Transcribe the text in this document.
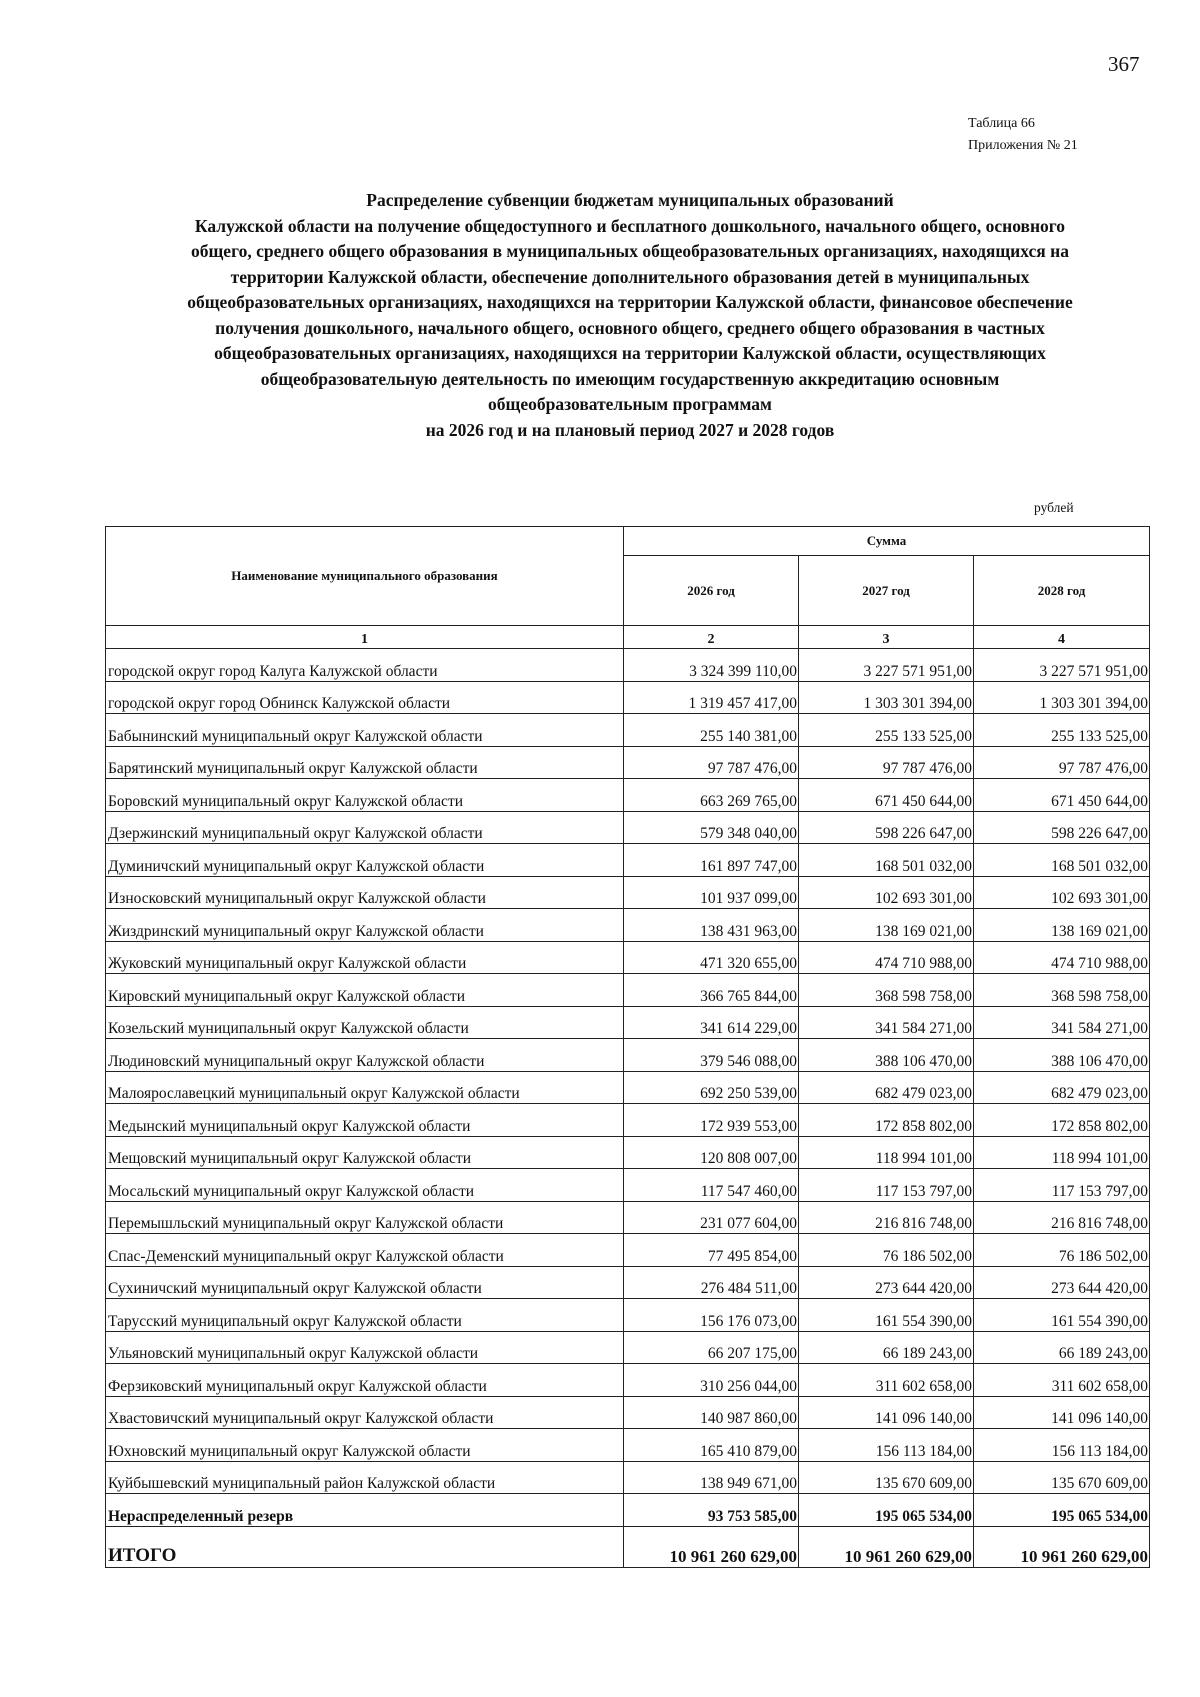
367
Таблица 66
Приложения № 21
Распределение субвенции бюджетам муниципальных образований
Калужской области на получение общедоступного и бесплатного дошкольного, начального общего, основного
общего, среднего общего образования в муниципальных общеобразовательных организациях, находящихся на
территории Калужской области, обеспечение дополнительного образования детей в муниципальных
общеобразовательных организациях, находящихся на территории Калужской области, финансовое обеспечение
получения дошкольного, начального общего, основного общего, среднего общего образования в частных
общеобразовательных организациях, находящихся на территории Калужской области, осуществляющих
общеобразовательную деятельность по имеющим государственную аккредитацию основным
общеобразовательным программам
на 2026 год и на плановый период 2027 и 2028 годов
рублей
Наименование муниципального образования	Сумма		
	2026 год	2027 год	2028 год
1	2	3	4
городской округ город Калуга Калужской области	3 324 399 110,00	3 227 571 951,00	3 227 571 951,00
городской округ город Обнинск Калужской области	1 319 457 417,00	1 303 301 394,00	1 303 301 394,00
Бабынинский муниципальный округ Калужской области	255 140 381,00	255 133 525,00	255 133 525,00
Барятинский муниципальный округ Калужской области	97 787 476,00	97 787 476,00	97 787 476,00
Боровский муниципальный округ Калужской области	663 269 765,00	671 450 644,00	671 450 644,00
Дзержинский муниципальный округ Калужской области	579 348 040,00	598 226 647,00	598 226 647,00
Думиничский муниципальный округ Калужской области	161 897 747,00	168 501 032,00	168 501 032,00
Износковский муниципальный округ Калужской области	101 937 099,00	102 693 301,00	102 693 301,00
Жиздринский муниципальный округ Калужской области	138 431 963,00	138 169 021,00	138 169 021,00
Жуковский муниципальный округ Калужской области	471 320 655,00	474 710 988,00	474 710 988,00
Кировский муниципальный округ Калужской области	366 765 844,00	368 598 758,00	368 598 758,00
Козельский муниципальный округ Калужской области	341 614 229,00	341 584 271,00	341 584 271,00
Людиновский муниципальный округ Калужской области	379 546 088,00	388 106 470,00	388 106 470,00
Малоярославецкий муниципальный округ Калужской области	692 250 539,00	682 479 023,00	682 479 023,00
Медынский муниципальный округ Калужской области	172 939 553,00	172 858 802,00	172 858 802,00
Мещовский муниципальный округ Калужской области	120 808 007,00	118 994 101,00	118 994 101,00
Мосальский муниципальный округ Калужской области	117 547 460,00	117 153 797,00	117 153 797,00
Перемышльский муниципальный округ Калужской области	231 077 604,00	216 816 748,00	216 816 748,00
Спас-Деменский муниципальный округ Калужской области	77 495 854,00	76 186 502,00	76 186 502,00
Сухиничский муниципальный округ Калужской области	276 484 511,00	273 644 420,00	273 644 420,00
Тарусский муниципальный округ Калужской области	156 176 073,00	161 554 390,00	161 554 390,00
Ульяновский муниципальный округ Калужской области	66 207 175,00	66 189 243,00	66 189 243,00
Ферзиковский муниципальный округ Калужской области	310 256 044,00	311 602 658,00	311 602 658,00
Хвастовичский муниципальный округ Калужской области	140 987 860,00	141 096 140,00	141 096 140,00
Юхновский муниципальный округ Калужской области	165 410 879,00	156 113 184,00	156 113 184,00
Куйбышевский муниципальный район Калужской области	138 949 671,00	135 670 609,00	135 670 609,00
Нераспределенный резерв	93 753 585,00	195 065 534,00	195 065 534,00
ИТОГО	10 961 260 629,00	10 961 260 629,00	10 961 260 629,00
